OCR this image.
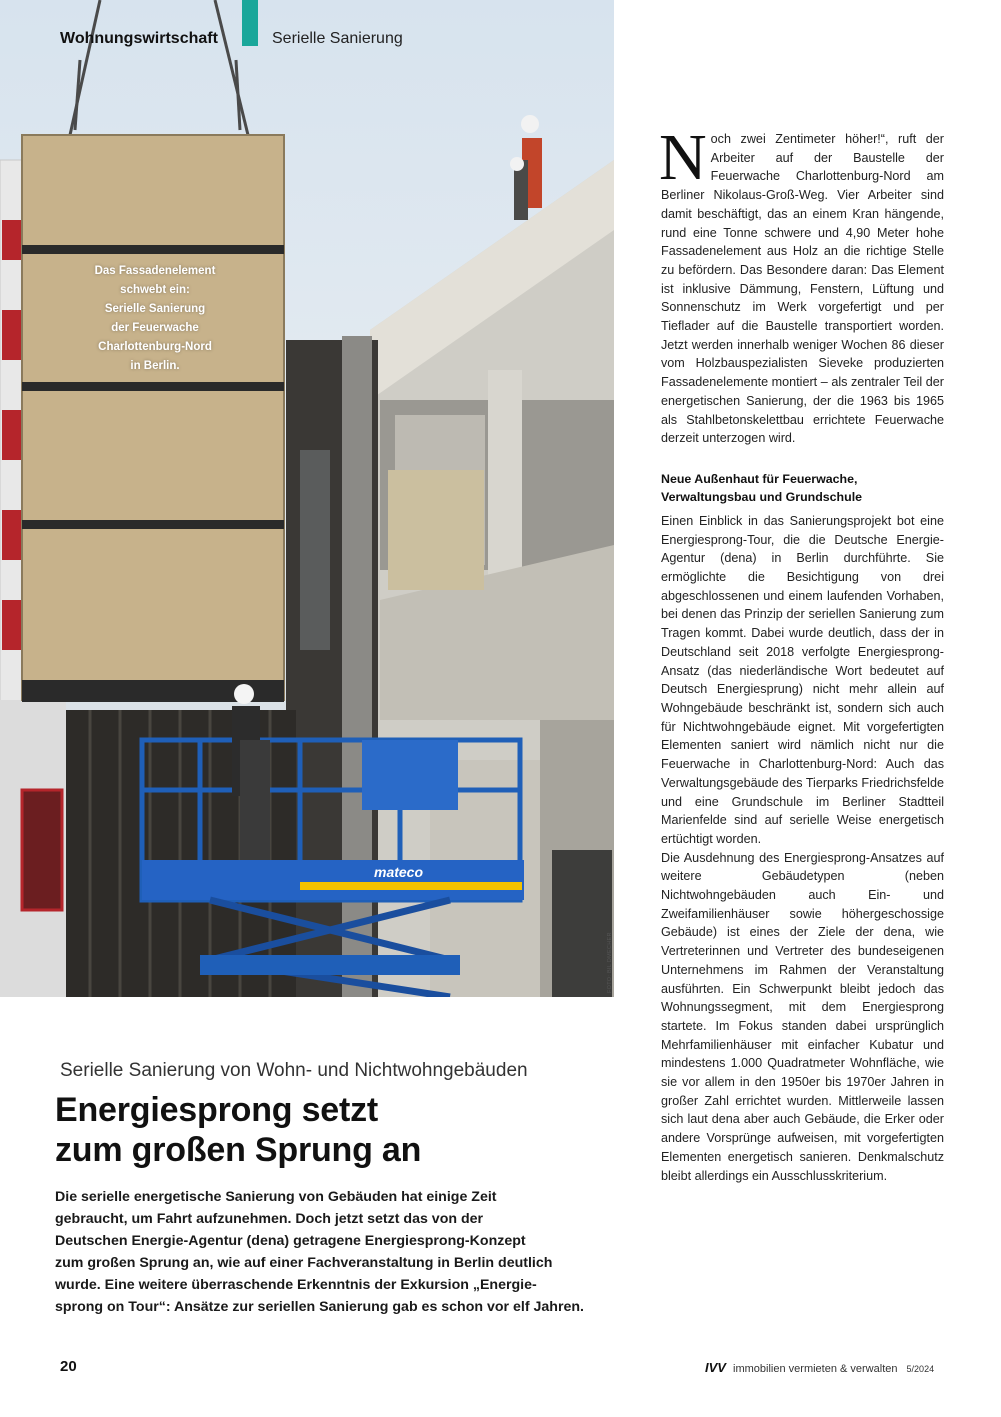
Das Fassadenelement
schwebt ein:
Serielle Sanierung
der Feuerwache
Charlottenburg-Nord
in Berlin.
mateco
FOTO: BIL DMECHER
Wohnungswirtschaft	Serielle Sanierung
Serielle Sanierung von Wohn- und Nichtwohngebäuden
Energiesprong setzt
zum großen Sprung an

Die serielle energetische Sanierung von Gebäuden hat einige Zeit
gebraucht, um Fahrt aufzunehmen. Doch jetzt setzt das von der
Deutschen Energie-Agentur (dena) getragene Energiesprong-Konzept
zum großen Sprung an, wie auf einer Fachveranstaltung in Berlin deutlich
wurde. Eine weitere überraschende Erkenntnis der Exkursion „Energie-
sprong on Tour“: Ansätze zur seriellen Sanierung gab es schon vor elf Jahren.

Noch zwei Zentimeter höher!“, ruft der Arbeiter auf der Baustelle der Feuerwache Charlottenburg-Nord am Berliner Nikolaus-Groß-Weg. Vier Arbeiter sind damit beschäftigt, das an einem Kran hängende, rund eine Tonne schwere und 4,90 Meter hohe Fassadenelement aus Holz an die richtige Stelle zu befördern. Das Besondere daran: Das Element ist inklusive Dämmung, Fenstern, Lüftung und Sonnenschutz im Werk vorgefertigt und per Tieflader auf die Baustelle transportiert worden. Jetzt werden innerhalb weniger Wochen 86 dieser vom Holzbauspezialisten Sieveke produzierten Fassadenelemente montiert – als zentraler Teil der energetischen Sanierung, der die 1963 bis 1965 als Stahlbetonskelettbau errichtete Feuerwache derzeit unterzogen wird.

Neue Außenhaut für Feuerwache,
Verwaltungsbau und Grundschule

Einen Einblick in das Sanierungsprojekt bot eine Energiesprong-Tour, die die Deutsche Energie-Agentur (dena) in Berlin durchführte. Sie ermöglichte die Besichtigung von drei abgeschlossenen und einem laufenden Vorhaben, bei denen das Prinzip der seriellen Sanierung zum Tragen kommt. Dabei wurde deutlich, dass der in Deutschland seit 2018 verfolgte Energiesprong-Ansatz (das niederländische Wort bedeutet auf Deutsch Energiesprung) nicht mehr allein auf Wohngebäude beschränkt ist, sondern sich auch für Nichtwohngebäude eignet. Mit vorgefertigten Elementen saniert wird nämlich nicht nur die Feuerwache in Charlottenburg-Nord: Auch das Verwaltungsgebäude des Tierparks Friedrichsfelde und eine Grundschule im Berliner Stadtteil Marienfelde sind auf serielle Weise energetisch ertüchtigt worden.

Die Ausdehnung des Energiesprong-Ansatzes auf weitere Gebäudetypen (neben Nichtwohngebäuden auch Ein- und Zweifamilienhäuser sowie höhergeschossige Gebäude) ist eines der Ziele der dena, wie Vertreterinnen und Vertreter des bundeseigenen Unternehmens im Rahmen der Veranstaltung ausführten. Ein Schwerpunkt bleibt jedoch das Wohnungssegment, mit dem Energiesprong startete. Im Fokus standen dabei ursprünglich Mehrfamilienhäuser mit einfacher Kubatur und mindestens 1.000 Quadratmeter Wohnfläche, wie sie vor allem in den 1950er bis 1970er Jahren in großer Zahl errichtet wurden. Mittlerweile lassen sich laut dena aber auch Gebäude, die Erker oder andere Vorsprünge aufweisen, mit vorgefertigten Elementen energetisch sanieren. Denkmalschutz bleibt allerdings ein Ausschlusskriterium.

20	IVV immobilien vermieten & verwalten 5/2024
